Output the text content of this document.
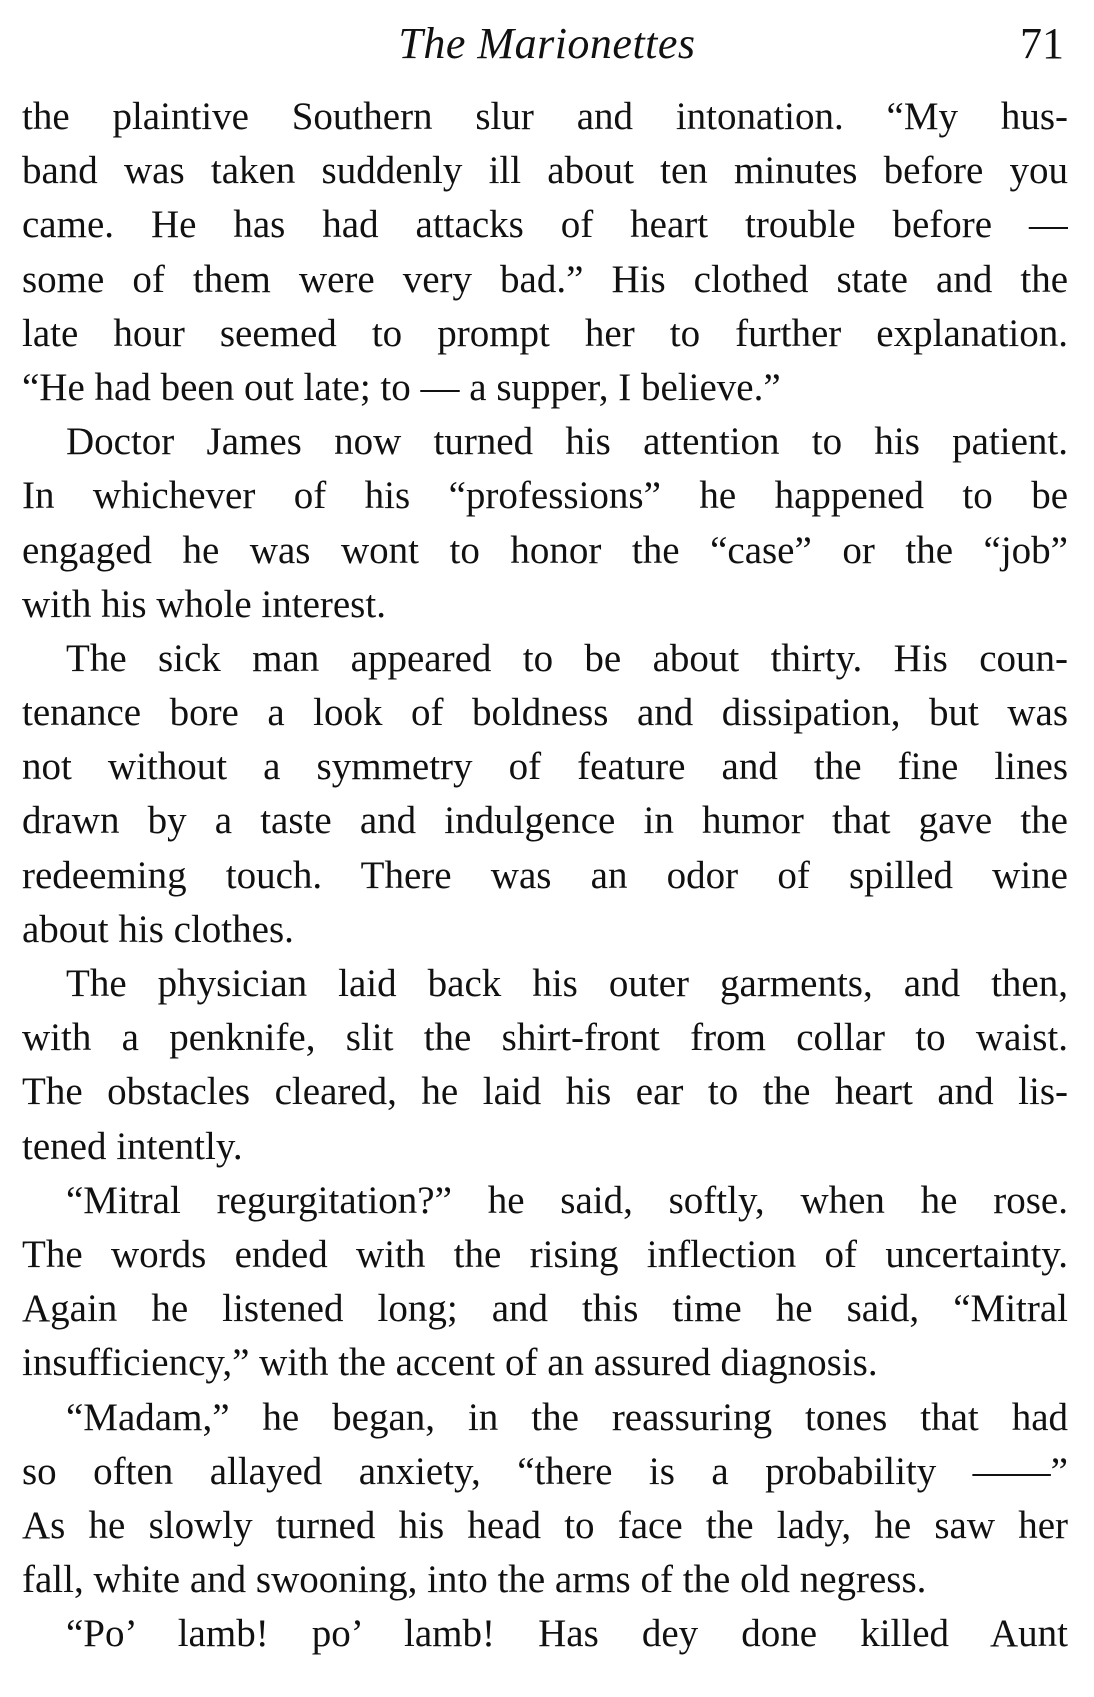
The Marionettes	71
the plaintive Southern slur and intonation. “My hus-
band was taken suddenly ill about ten minutes before you
came. He has had attacks of heart trouble before —
some of them were very bad.” His clothed state and the
late hour seemed to prompt her to further explanation.
“He had been out late; to — a supper, I believe.”
Doctor James now turned his attention to his patient.
In whichever of his “professions” he happened to be
engaged he was wont to honor the “case” or the “job”
with his whole interest.
The sick man appeared to be about thirty. His coun-
tenance bore a look of boldness and dissipation, but was
not without a symmetry of feature and the fine lines
drawn by a taste and indulgence in humor that gave the
redeeming touch. There was an odor of spilled wine
about his clothes.
The physician laid back his outer garments, and then,
with a penknife, slit the shirt-front from collar to waist.
The obstacles cleared, he laid his ear to the heart and lis-
tened intently.
“Mitral regurgitation?” he said, softly, when he rose.
The words ended with the rising inflection of uncertainty.
Again he listened long; and this time he said, “Mitral
insufficiency,” with the accent of an assured diagnosis.
“Madam,” he began, in the reassuring tones that had
so often allayed anxiety, “there is a probability ——”
As he slowly turned his head to face the lady, he saw her
fall, white and swooning, into the arms of the old negress.
“Po’ lamb! po’ lamb! Has dey done killed Aunt
